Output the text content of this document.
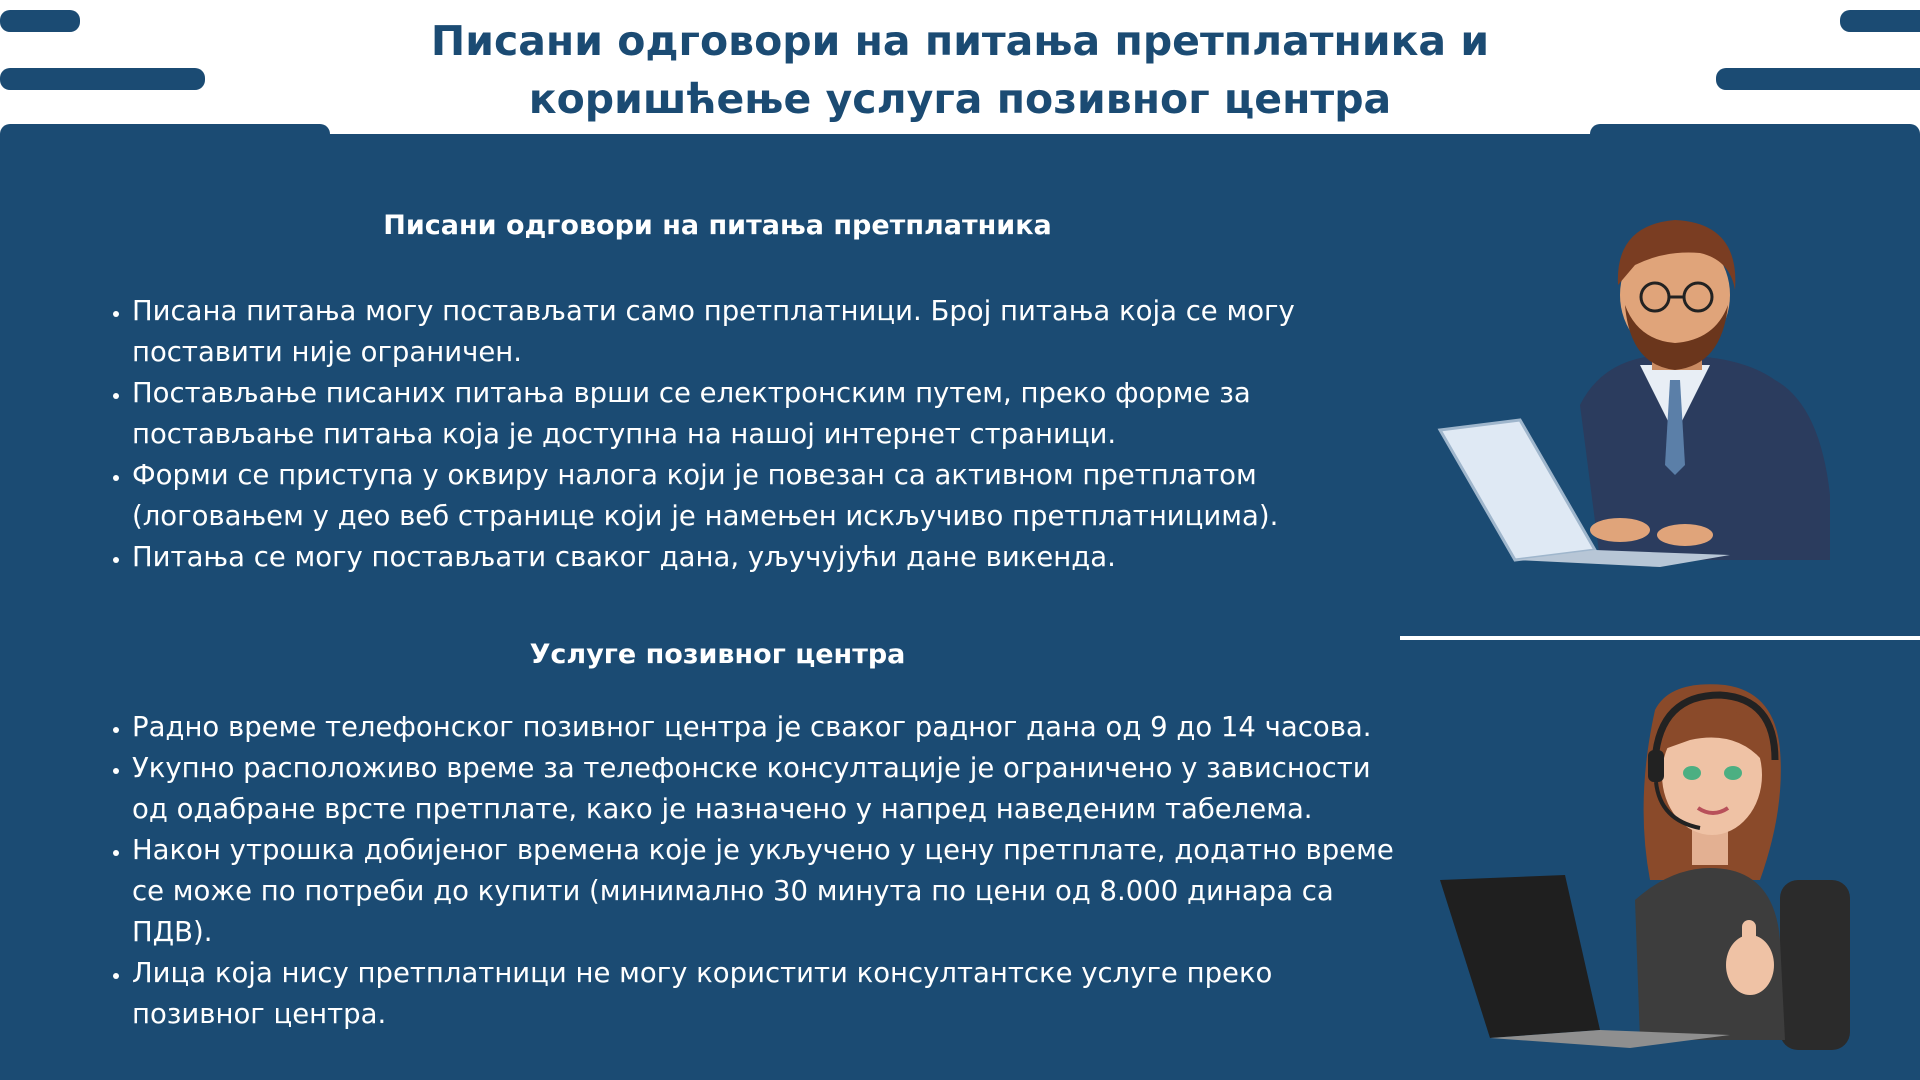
Писани одговори на питања претплатника и
коришћење услуга позивног центра
Писани одговори на питања претплатника
• Писана питања могу постављати само претплатници. Број питања која се могу поставити није ограничен.
• Постављање писаних питања врши се електронским путем, преко форме за постављање питања која је доступна на нашој интернет страници.
• Форми се приступа у оквиру налога који је повезан са активном претплатом (логовањем у део веб странице који је намењен искључиво претплатницима).
• Питања се могу постављати сваког дана, уључујући дане викенда.
Услуге позивног центра
• Радно време телефонског позивног центра је сваког радног дана од 9 до 14 часова.
• Укупно расположиво време за телефонске консултације је ограничено у зависности од одабране врсте претплате, како је назначено у напред наведеним табелема.
• Након утрошка добијеног времена које је укључено у цену претплате, додатно време се може по потреби до купити (минимално 30 минута по цени од 8.000 динара са ПДВ).
• Лица која нису претплатници не могу користити консултантске услуге преко позивног центра.
